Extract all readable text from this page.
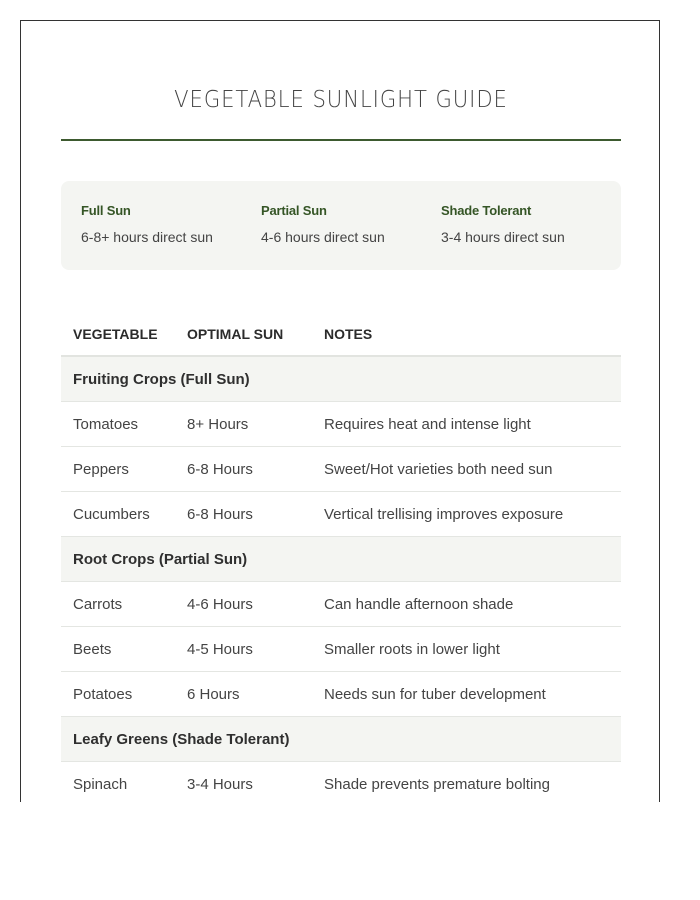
VEGETABLE SUNLIGHT GUIDE
Full Sun
6-8+ hours direct sun
Partial Sun
4-6 hours direct sun
Shade Tolerant
3-4 hours direct sun
VEGETABLE	OPTIMAL SUN	NOTES
Fruiting Crops (Full Sun)		
Tomatoes	8+ Hours	Requires heat and intense light
Peppers	6-8 Hours	Sweet/Hot varieties both need sun
Cucumbers	6-8 Hours	Vertical trellising improves exposure
Root Crops (Partial Sun)		
Carrots	4-6 Hours	Can handle afternoon shade
Beets	4-5 Hours	Smaller roots in lower light
Potatoes	6 Hours	Needs sun for tuber development
Leafy Greens (Shade Tolerant)		
Spinach	3-4 Hours	Shade prevents premature bolting
